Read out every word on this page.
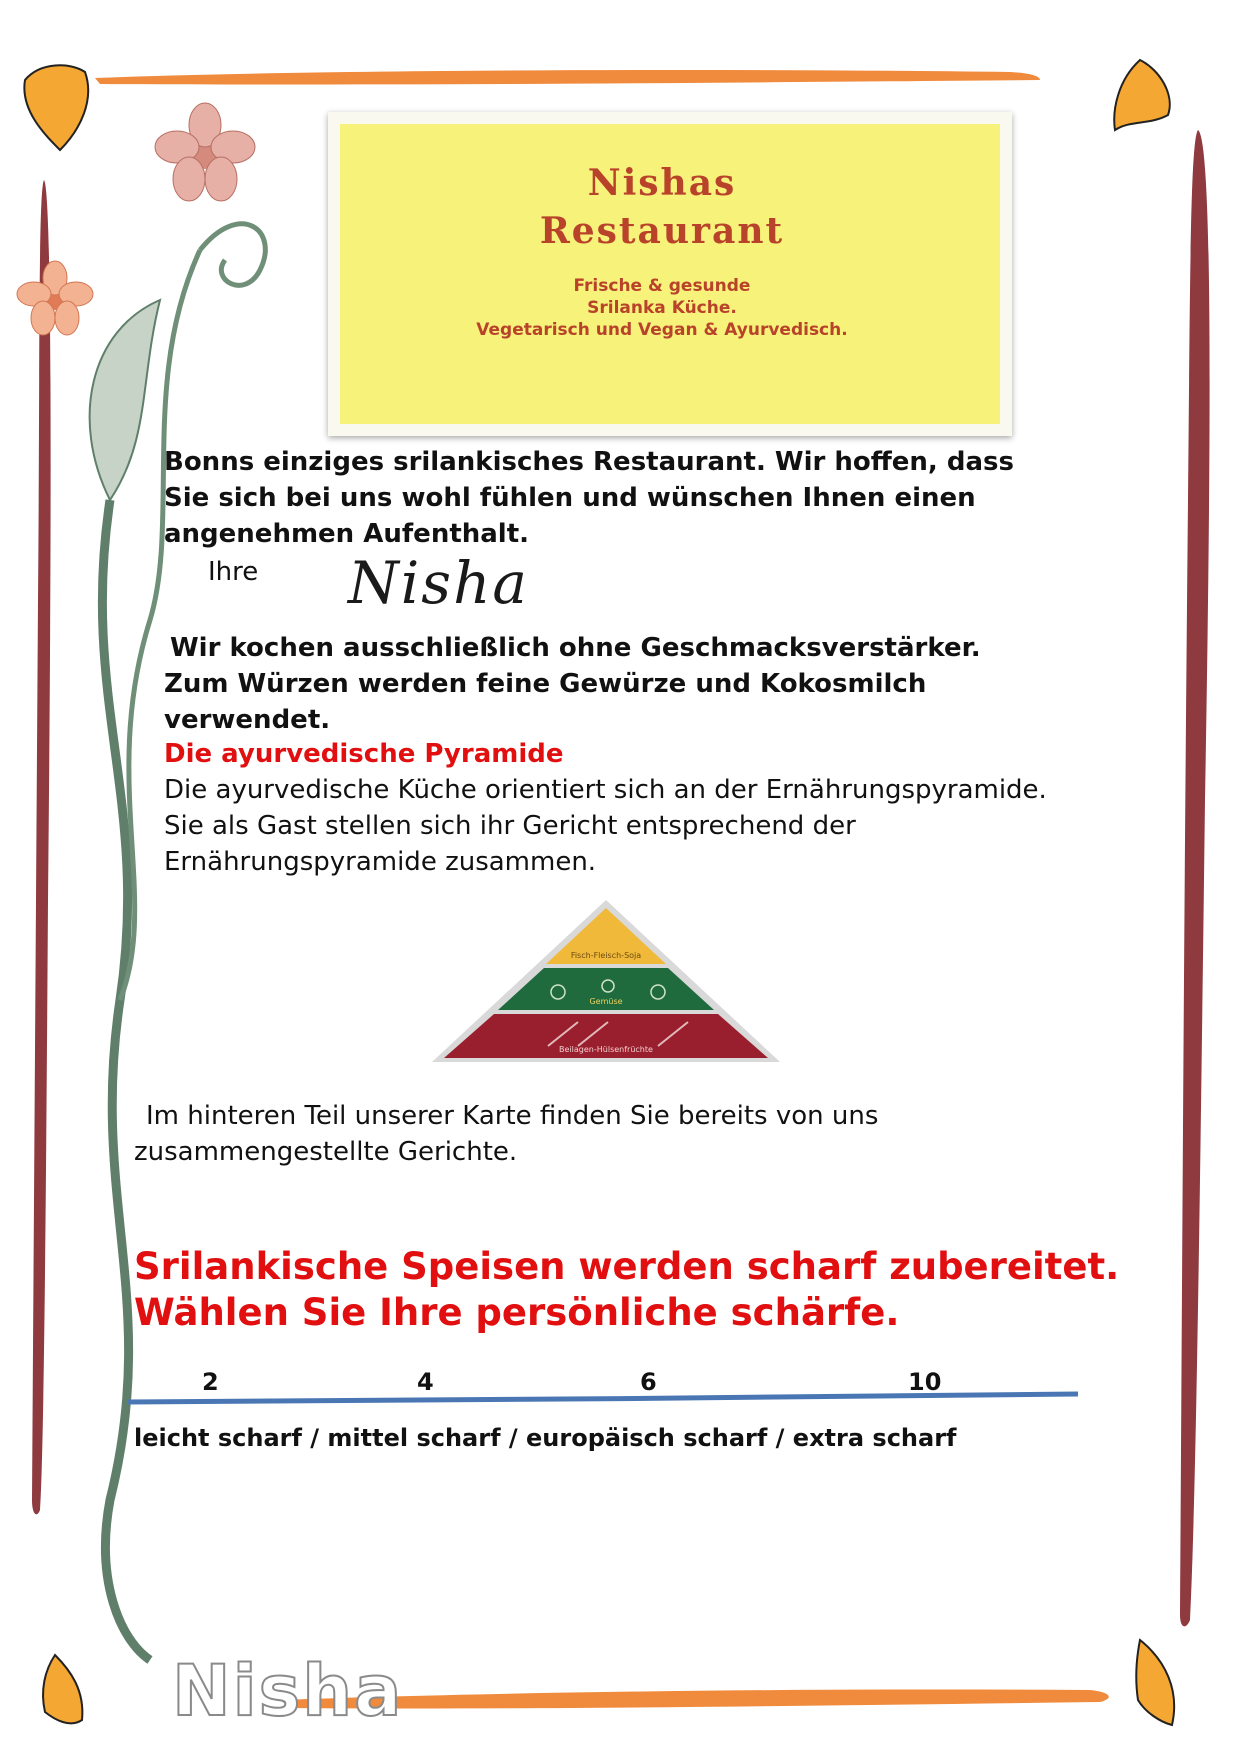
Nishas
Restaurant
Frische & gesunde
Srilanka Küche.
Vegetarisch und Vegan & Ayurvedisch.
Bonns einziges srilankisches Restaurant. Wir hoffen, dass
Sie sich bei uns wohl fühlen und wünschen Ihnen einen
angenehmen Aufenthalt.
Ihre Nisha
Wir kochen ausschließlich ohne Geschmacksverstärker.
Zum Würzen werden feine Gewürze und Kokosmilch
verwendet.
Die ayurvedische Pyramide
Die ayurvedische Küche orientiert sich an der Ernährungspyramide.
Sie als Gast stellen sich ihr Gericht entsprechend der
Ernährungspyramide zusammen.
Fisch-Fleisch-Soja
Gemüse
Beilagen-Hülsenfrüchte
Im hinteren Teil unserer Karte finden Sie bereits von uns
zusammengestellte Gerichte.
Srilankische Speisen werden scharf zubereitet.
Wählen Sie Ihre persönliche schärfe.
2	4	6	10
leicht scharf / mittel scharf / europäisch scharf / extra scharf
Nisha
